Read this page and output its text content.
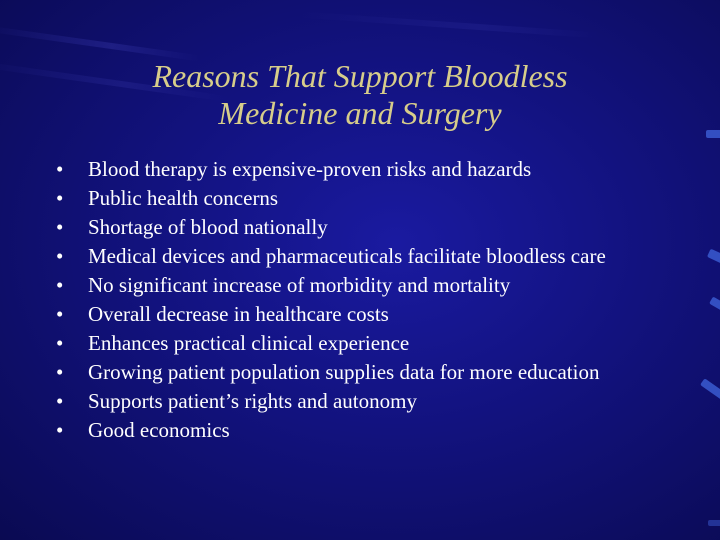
Reasons That Support Bloodless
Medicine and Surgery
• Blood therapy is expensive-proven risks and hazards
• Public health concerns
• Shortage of blood nationally
• Medical devices and pharmaceuticals facilitate bloodless care
• No significant increase of morbidity and mortality
• Overall decrease in healthcare costs
• Enhances practical clinical experience
• Growing patient population supplies data for more education
• Supports patient’s rights and autonomy
• Good economics
